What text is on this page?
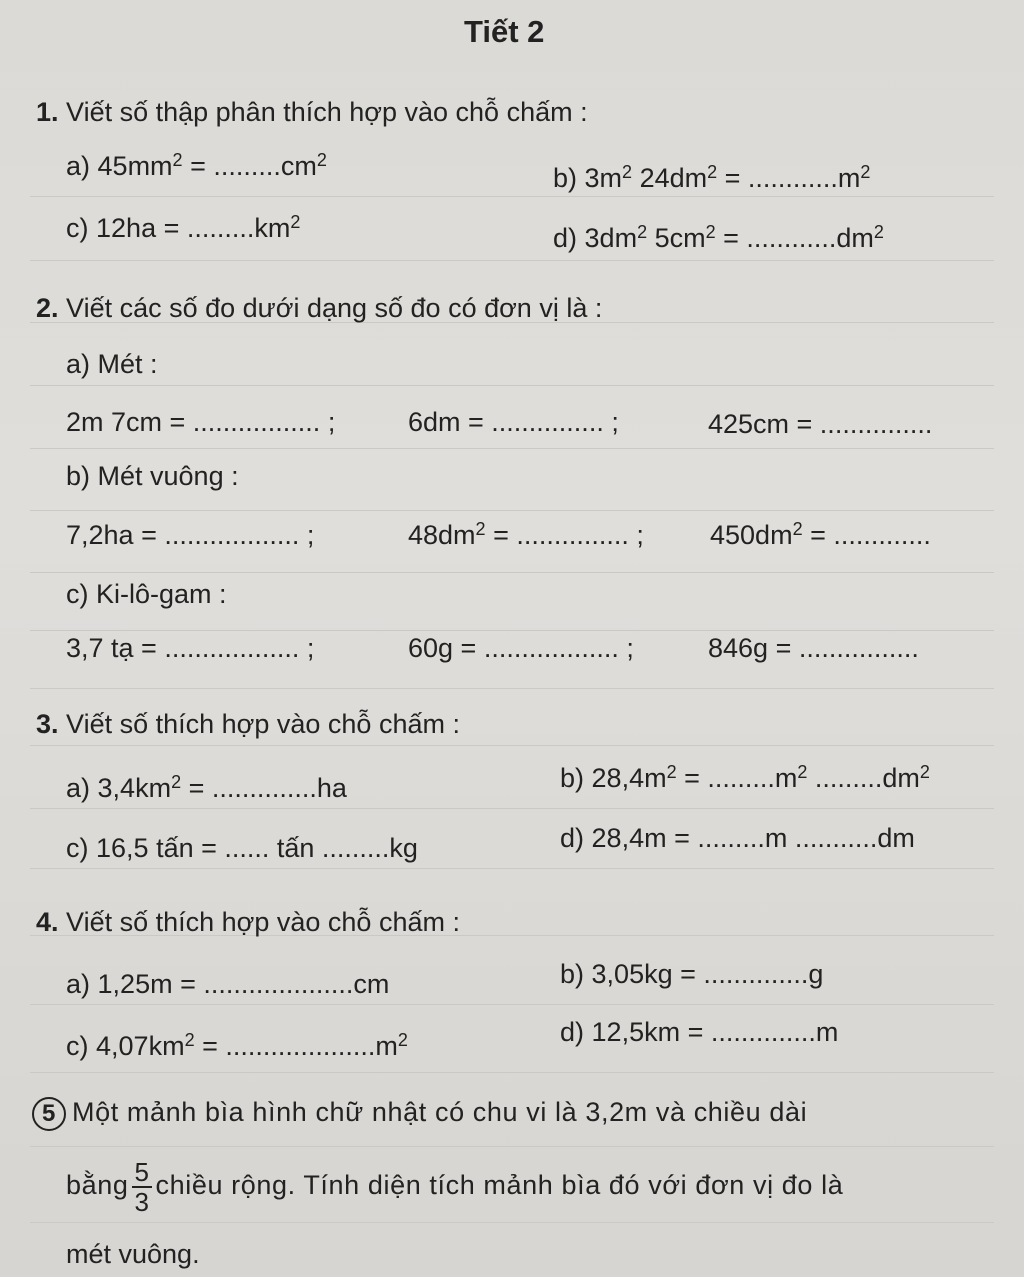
Tiết 2
1. Viết số thập phân thích hợp vào chỗ chấm :
a) $45mm^2 = .........cm^2$
b) $3m^2$ $24dm^2 = ............m^2$
c) $12ha = .........km^2$
d) $3dm^2$ $5cm^2 = ............dm^2$
2. Viết các số đo dưới dạng số đo có đơn vị là :
a) Mét :
2m 7cm = ................. ;	6dm = ............... ;	425cm = ...............
b) Mét vuông :
7,2ha = .................. ;	$48dm^2$ = ............... ; $450dm^2$ = .............
c) Ki-lô-gam :
3,7 tạ = .................. ;	60g = .................. ;	846g = ................
3. Viết số thích hợp vào chỗ chấm :
a) $3,4km^2 = ..............ha$	b) $28,4m^2 = .........m^2$ $.........dm^2$
c) 16,5 tấn = ...... tấn .........kg	d) 28,4m = .........m ...........dm
4. Viết số thích hợp vào chỗ chấm :
a) 1,25m = ....................cm	b) 3,05kg = ..............g
c) $4,07km^2 = ....................m^2$	d) 12,5km = ..............m
5 Một mảnh bìa hình chữ nhật có chu vi là 3,2m và chiều dài
bằng $\frac{5}{3}$ chiều rộng. Tính diện tích mảnh bìa đó với đơn vị đo là
mét vuông.
